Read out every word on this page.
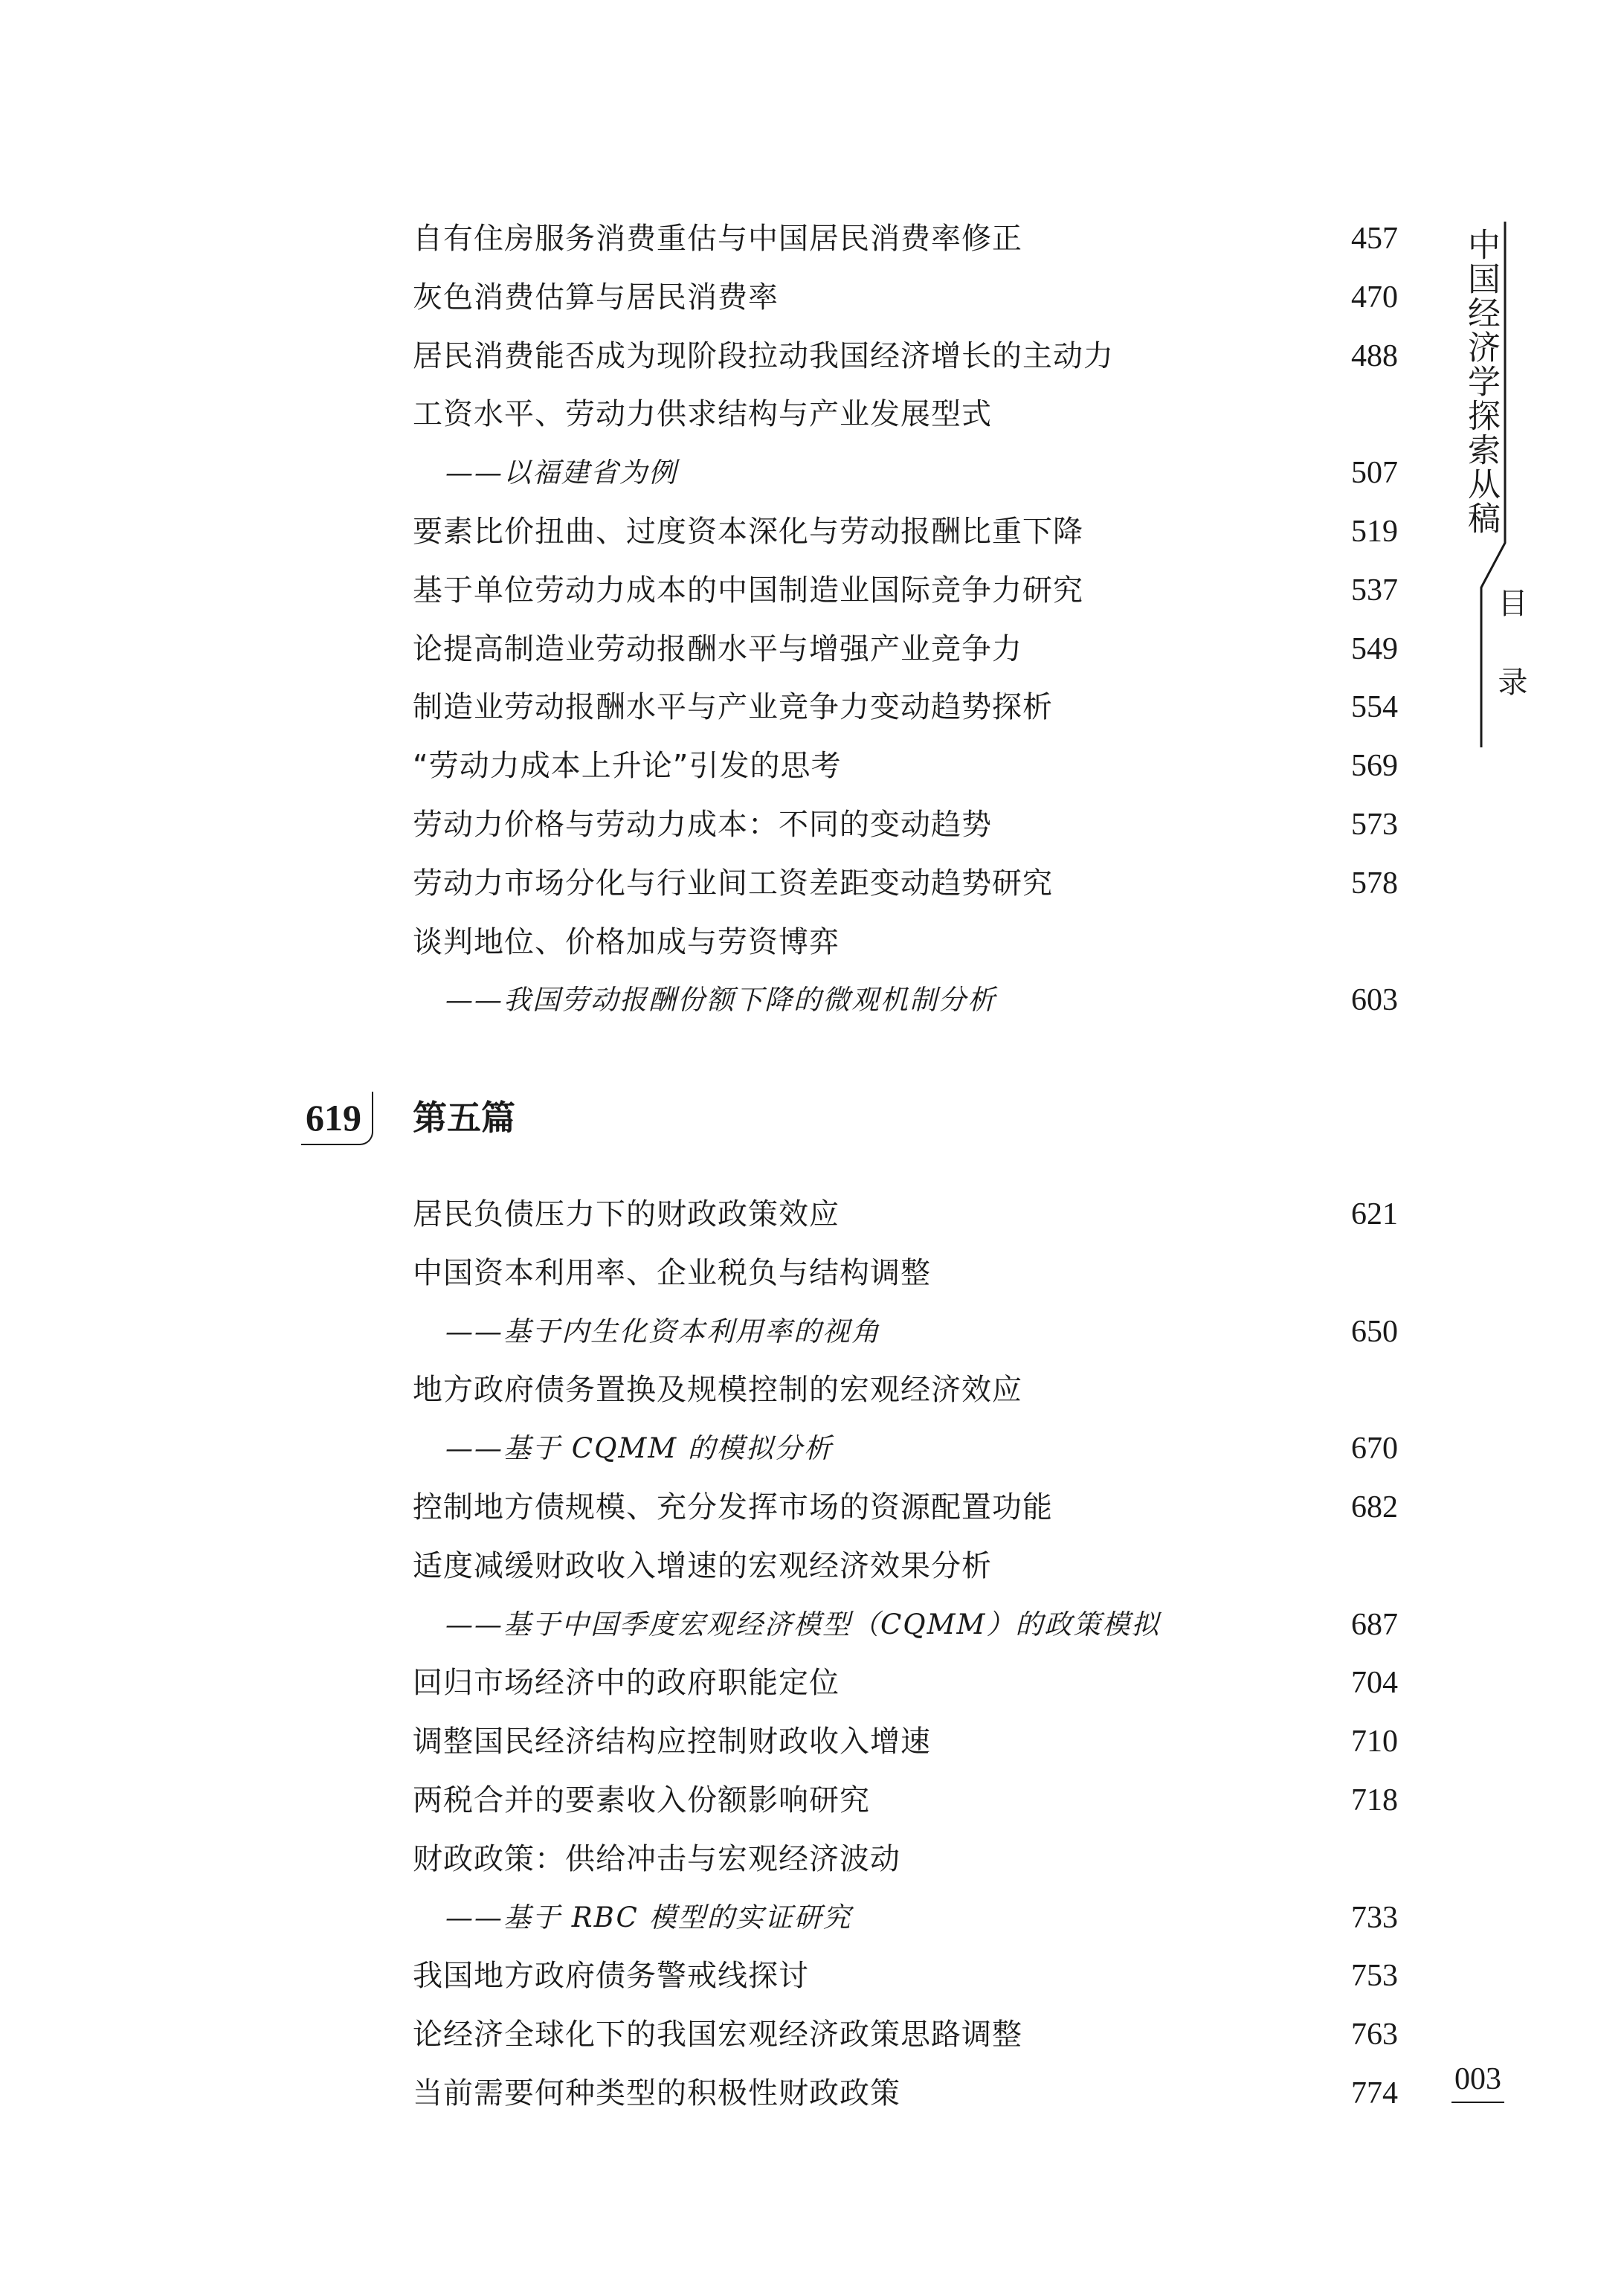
619	第五篇
中国经济学探索从稿
目录
003
自有住房服务消费重估与中国居民消费率修正	457
灰色消费估算与居民消费率	470
居民消费能否成为现阶段拉动我国经济增长的主动力	488
工资水平、劳动力供求结构与产业发展型式
——以福建省为例	507
要素比价扭曲、过度资本深化与劳动报酬比重下降	519
基于单位劳动力成本的中国制造业国际竞争力研究	537
论提高制造业劳动报酬水平与增强产业竞争力	549
制造业劳动报酬水平与产业竞争力变动趋势探析	554
“劳动力成本上升论”引发的思考	569
劳动力价格与劳动力成本：不同的变动趋势	573
劳动力市场分化与行业间工资差距变动趋势研究	578
谈判地位、价格加成与劳资博弈
——我国劳动报酬份额下降的微观机制分析	603
居民负债压力下的财政政策效应	621
中国资本利用率、企业税负与结构调整
——基于内生化资本利用率的视角	650
地方政府债务置换及规模控制的宏观经济效应
——基于 CQMM 的模拟分析	670
控制地方债规模、充分发挥市场的资源配置功能	682
适度减缓财政收入增速的宏观经济效果分析
——基于中国季度宏观经济模型（CQMM）的政策模拟	687
回归市场经济中的政府职能定位	704
调整国民经济结构应控制财政收入增速	710
两税合并的要素收入份额影响研究	718
财政政策：供给冲击与宏观经济波动
——基于 RBC 模型的实证研究	733
我国地方政府债务警戒线探讨	753
论经济全球化下的我国宏观经济政策思路调整	763
当前需要何种类型的积极性财政政策	774
